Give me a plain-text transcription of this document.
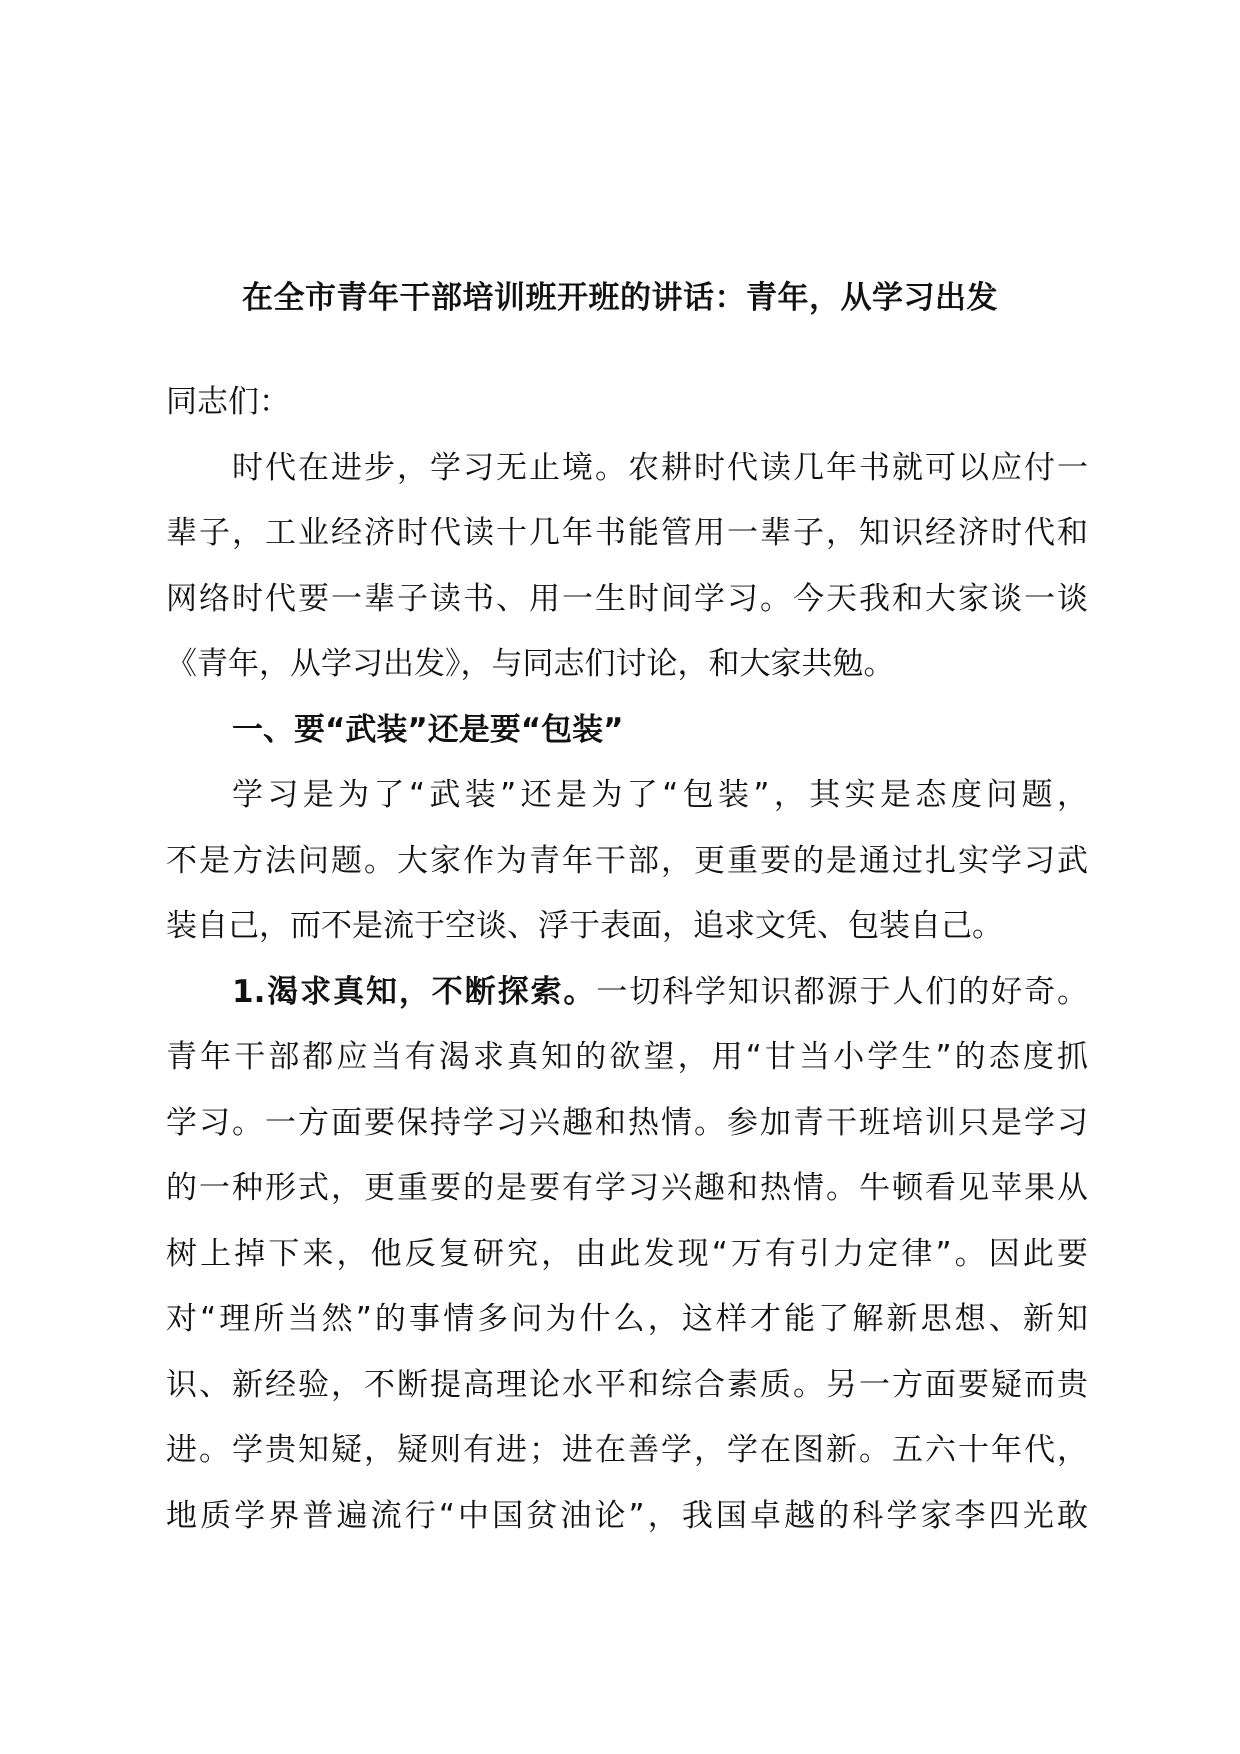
在全市青年干部培训班开班的讲话：青年，从学习出发
同志们：
时代在进步，学习无止境。农耕时代读几年书就可以应付一
辈子，工业经济时代读十几年书能管用一辈子，知识经济时代和
网络时代要一辈子读书、用一生时间学习。今天我和大家谈一谈
《青年，从学习出发》，与同志们讨论，和大家共勉。
一、要“武装”还是要“包装”
学习是为了“武装”还是为了“包装”，其实是态度问题，
不是方法问题。大家作为青年干部，更重要的是通过扎实学习武
装自己，而不是流于空谈、浮于表面，追求文凭、包装自己。
1.渴求真知，不断探索。一切科学知识都源于人们的好奇。
青年干部都应当有渴求真知的欲望，用“甘当小学生”的态度抓
学习。一方面要保持学习兴趣和热情。参加青干班培训只是学习
的一种形式，更重要的是要有学习兴趣和热情。牛顿看见苹果从
树上掉下来，他反复研究，由此发现“万有引力定律”。因此要
对“理所当然”的事情多问为什么，这样才能了解新思想、新知
识、新经验，不断提高理论水平和综合素质。另一方面要疑而贵
进。学贵知疑，疑则有进；进在善学，学在图新。五六十年代，
地质学界普遍流行“中国贫油论”，我国卓越的科学家李四光敢
